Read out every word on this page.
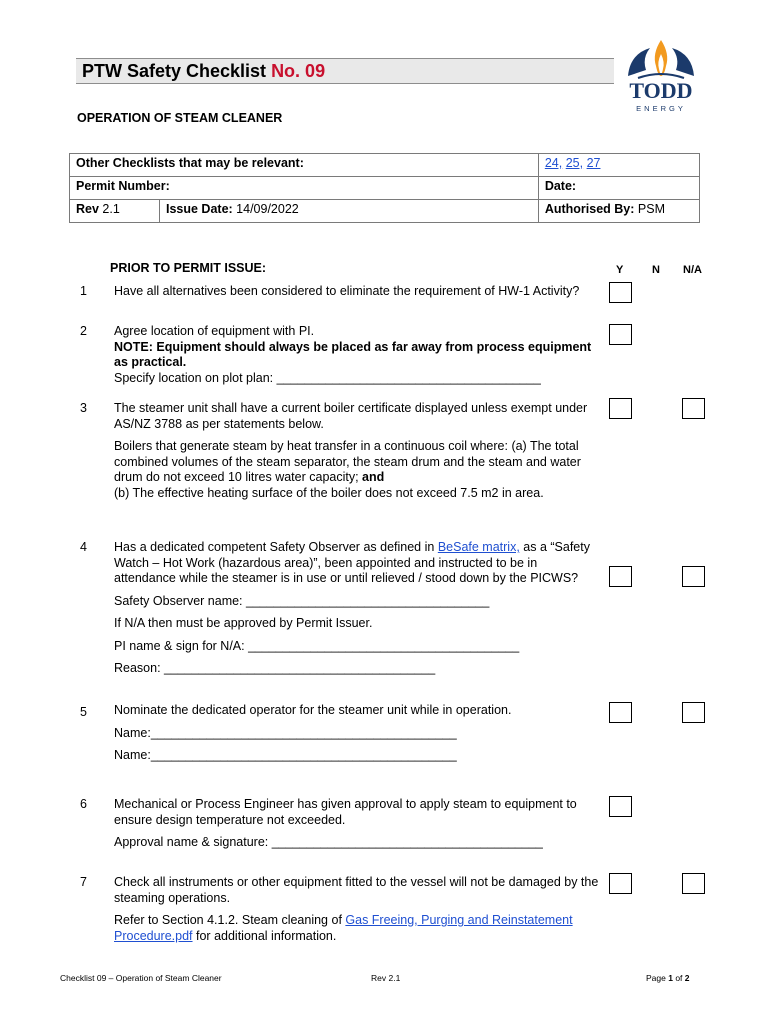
PTW Safety Checklist No. 09
TODD
ENERGY
OPERATION OF STEAM CLEANER
Other Checklists that may be relevant:		24, 25, 27
Permit Number:		Date:
Rev 2.1	Issue Date: 14/09/2022	Authorised By: PSM
PRIOR TO PERMIT ISSUE:	Y	N N/A
1 Have all alternatives been considered to eliminate the requirement of HW-1 Activity?

2 Agree location of equipment with PI.

NOTE: Equipment should always be placed as far away from process equipment as practical.

Specify location on plot plan: ______________________________________

3 The steamer unit shall have a current boiler certificate displayed unless exempt under AS/NZ 3788 as per statements below.

Boilers that generate steam by heat transfer in a continuous coil where: (a) The total combined volumes of the steam separator, the steam drum and the steam and water drum do not exceed 10 litres water capacity; and
(b) The effective heating surface of the boiler does not exceed 7.5 m2 in area.

4 Has a dedicated competent Safety Observer as defined in BeSafe matrix, as a “Safety Watch – Hot Work (hazardous area)”, been appointed and instructed to be in attendance while the steamer is in use or until relieved / stood down by the PICWS?

Safety Observer name: ___________________________________

If N/A then must be approved by Permit Issuer.

PI name & sign for N/A: _______________________________________

Reason: _______________________________________

5 Nominate the dedicated operator for the steamer unit while in operation.

Name:____________________________________________

Name:____________________________________________

6 Mechanical or Process Engineer has given approval to apply steam to equipment to ensure design temperature not exceeded.

Approval name & signature: _______________________________________

7 Check all instruments or other equipment fitted to the vessel will not be damaged by the steaming operations.

Refer to Section 4.1.2. Steam cleaning of Gas Freeing, Purging and Reinstatement Procedure.pdf for additional information.

Checklist 09 – Operation of Steam Cleaner	Rev 2.1	Page 1 of 2
